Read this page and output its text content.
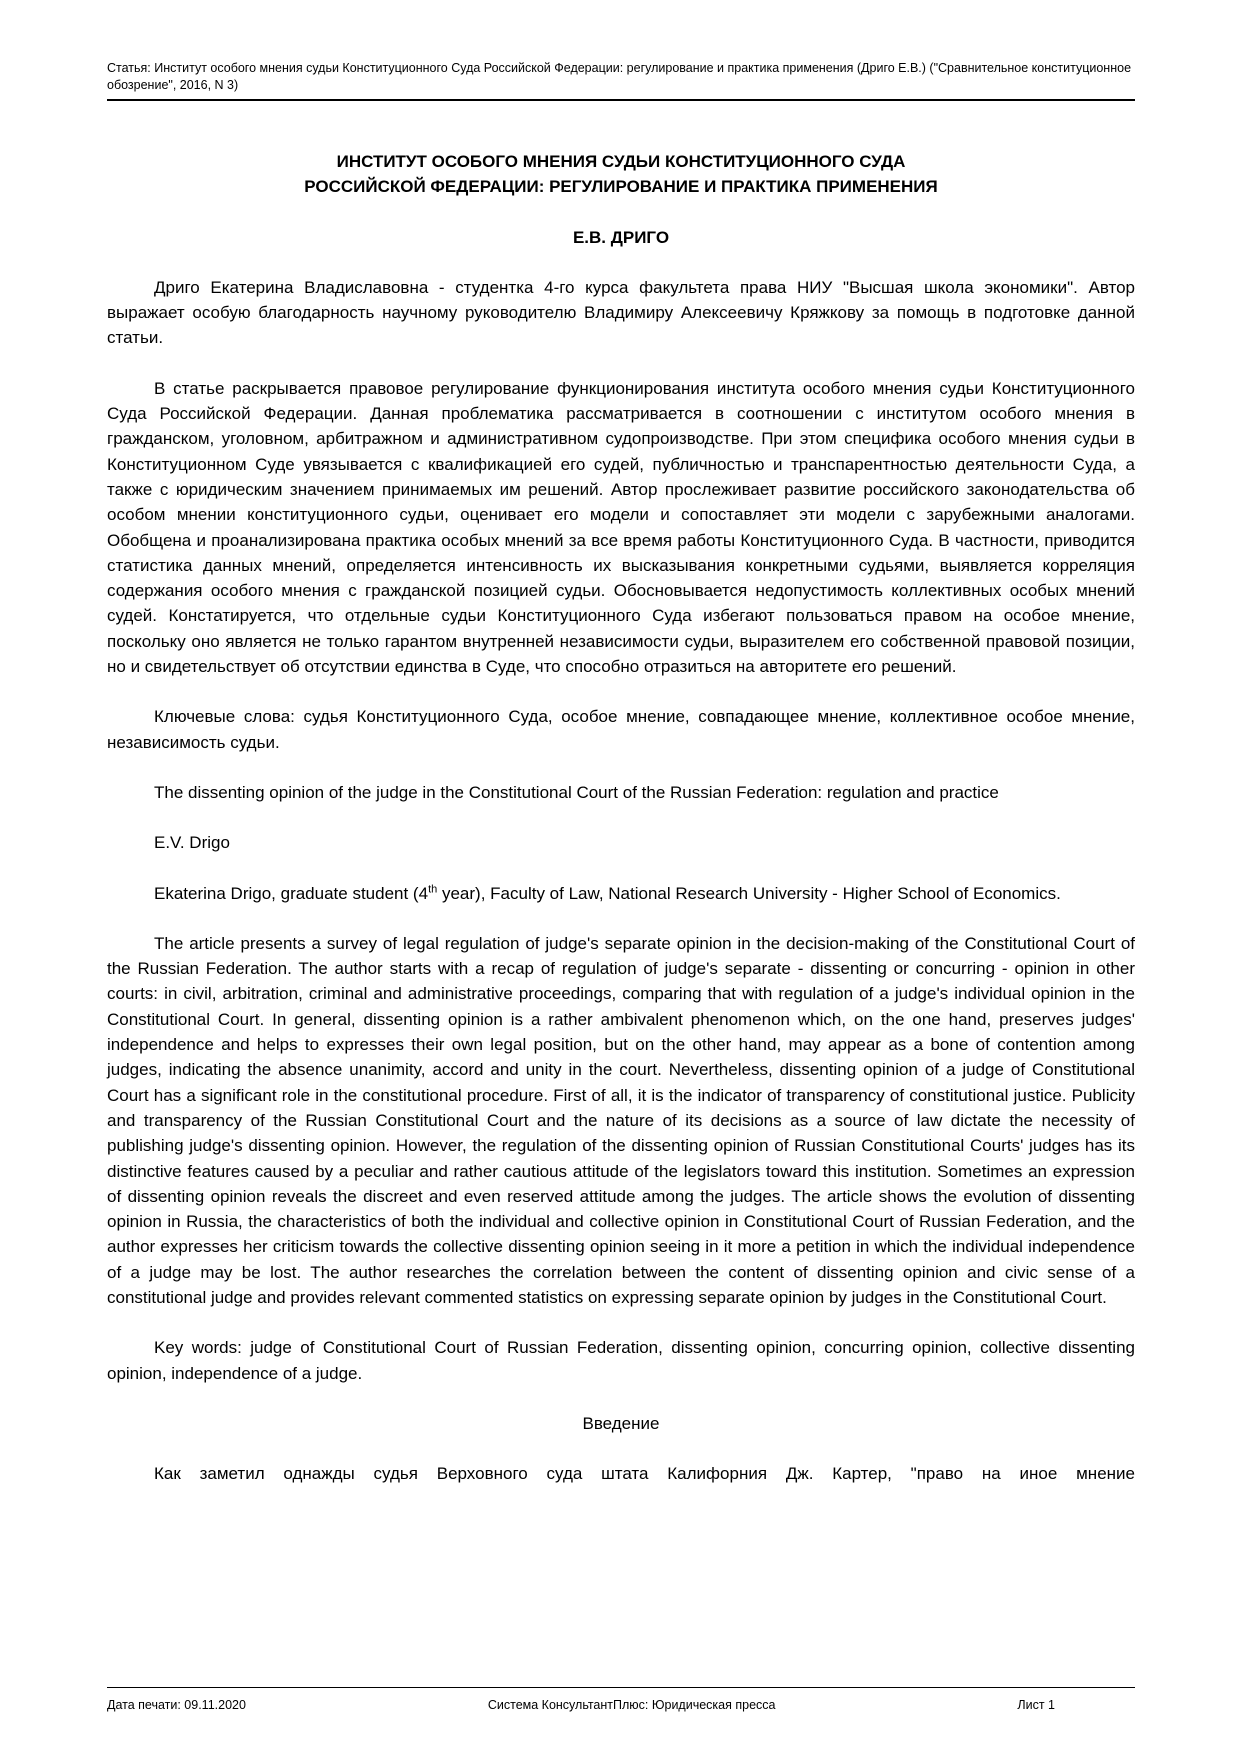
Статья: Институт особого мнения судьи Конституционного Суда Российской Федерации: регулирование и практика применения (Дриго Е.В.) ("Сравнительное конституционное обозрение", 2016, N 3)
ИНСТИТУТ ОСОБОГО МНЕНИЯ СУДЬИ КОНСТИТУЦИОННОГО СУДА
РОССИЙСКОЙ ФЕДЕРАЦИИ: РЕГУЛИРОВАНИЕ И ПРАКТИКА ПРИМЕНЕНИЯ
Е.В. ДРИГО

Дриго Екатерина Владиславовна - студентка 4-го курса факультета права НИУ "Высшая школа экономики". Автор выражает особую благодарность научному руководителю Владимиру Алексеевичу Кряжкову за помощь в подготовке данной статьи.

В статье раскрывается правовое регулирование функционирования института особого мнения судьи Конституционного Суда Российской Федерации. Данная проблематика рассматривается в соотношении с институтом особого мнения в гражданском, уголовном, арбитражном и административном судопроизводстве. При этом специфика особого мнения судьи в Конституционном Суде увязывается с квалификацией его судей, публичностью и транспарентностью деятельности Суда, а также с юридическим значением принимаемых им решений. Автор прослеживает развитие российского законодательства об особом мнении конституционного судьи, оценивает его модели и сопоставляет эти модели с зарубежными аналогами. Обобщена и проанализирована практика особых мнений за все время работы Конституционного Суда. В частности, приводится статистика данных мнений, определяется интенсивность их высказывания конкретными судьями, выявляется корреляция содержания особого мнения с гражданской позицией судьи. Обосновывается недопустимость коллективных особых мнений судей. Констатируется, что отдельные судьи Конституционного Суда избегают пользоваться правом на особое мнение, поскольку оно является не только гарантом внутренней независимости судьи, выразителем его собственной правовой позиции, но и свидетельствует об отсутствии единства в Суде, что способно отразиться на авторитете его решений.

Ключевые слова: судья Конституционного Суда, особое мнение, совпадающее мнение, коллективное особое мнение, независимость судьи.

The dissenting opinion of the judge in the Constitutional Court of the Russian Federation: regulation and practice

E.V. Drigo

Ekaterina Drigo, graduate student (4th year), Faculty of Law, National Research University - Higher School of Economics.

The article presents a survey of legal regulation of judge's separate opinion in the decision-making of the Constitutional Court of the Russian Federation. The author starts with a recap of regulation of judge's separate - dissenting or concurring - opinion in other courts: in civil, arbitration, criminal and administrative proceedings, comparing that with regulation of a judge's individual opinion in the Constitutional Court. In general, dissenting opinion is a rather ambivalent phenomenon which, on the one hand, preserves judges' independence and helps to expresses their own legal position, but on the other hand, may appear as a bone of contention among judges, indicating the absence unanimity, accord and unity in the court. Nevertheless, dissenting opinion of a judge of Constitutional Court has a significant role in the constitutional procedure. First of all, it is the indicator of transparency of constitutional justice. Publicity and transparency of the Russian Constitutional Court and the nature of its decisions as a source of law dictate the necessity of publishing judge's dissenting opinion. However, the regulation of the dissenting opinion of Russian Constitutional Courts' judges has its distinctive features caused by a peculiar and rather cautious attitude of the legislators toward this institution. Sometimes an expression of dissenting opinion reveals the discreet and even reserved attitude among the judges. The article shows the evolution of dissenting opinion in Russia, the characteristics of both the individual and collective opinion in Constitutional Court of Russian Federation, and the author expresses her criticism towards the collective dissenting opinion seeing in it more a petition in which the individual independence of a judge may be lost. The author researches the correlation between the content of dissenting opinion and civic sense of a constitutional judge and provides relevant commented statistics on expressing separate opinion by judges in the Constitutional Court.

Key words: judge of Constitutional Court of Russian Federation, dissenting opinion, concurring opinion, collective dissenting opinion, independence of a judge.

Введение

Как заметил однажды судья Верховного суда штата Калифорния Дж. Картер, "право на иное мнение

Дата печати: 09.11.2020	Система КонсультантПлюс: Юридическая пресса	Лист 1
